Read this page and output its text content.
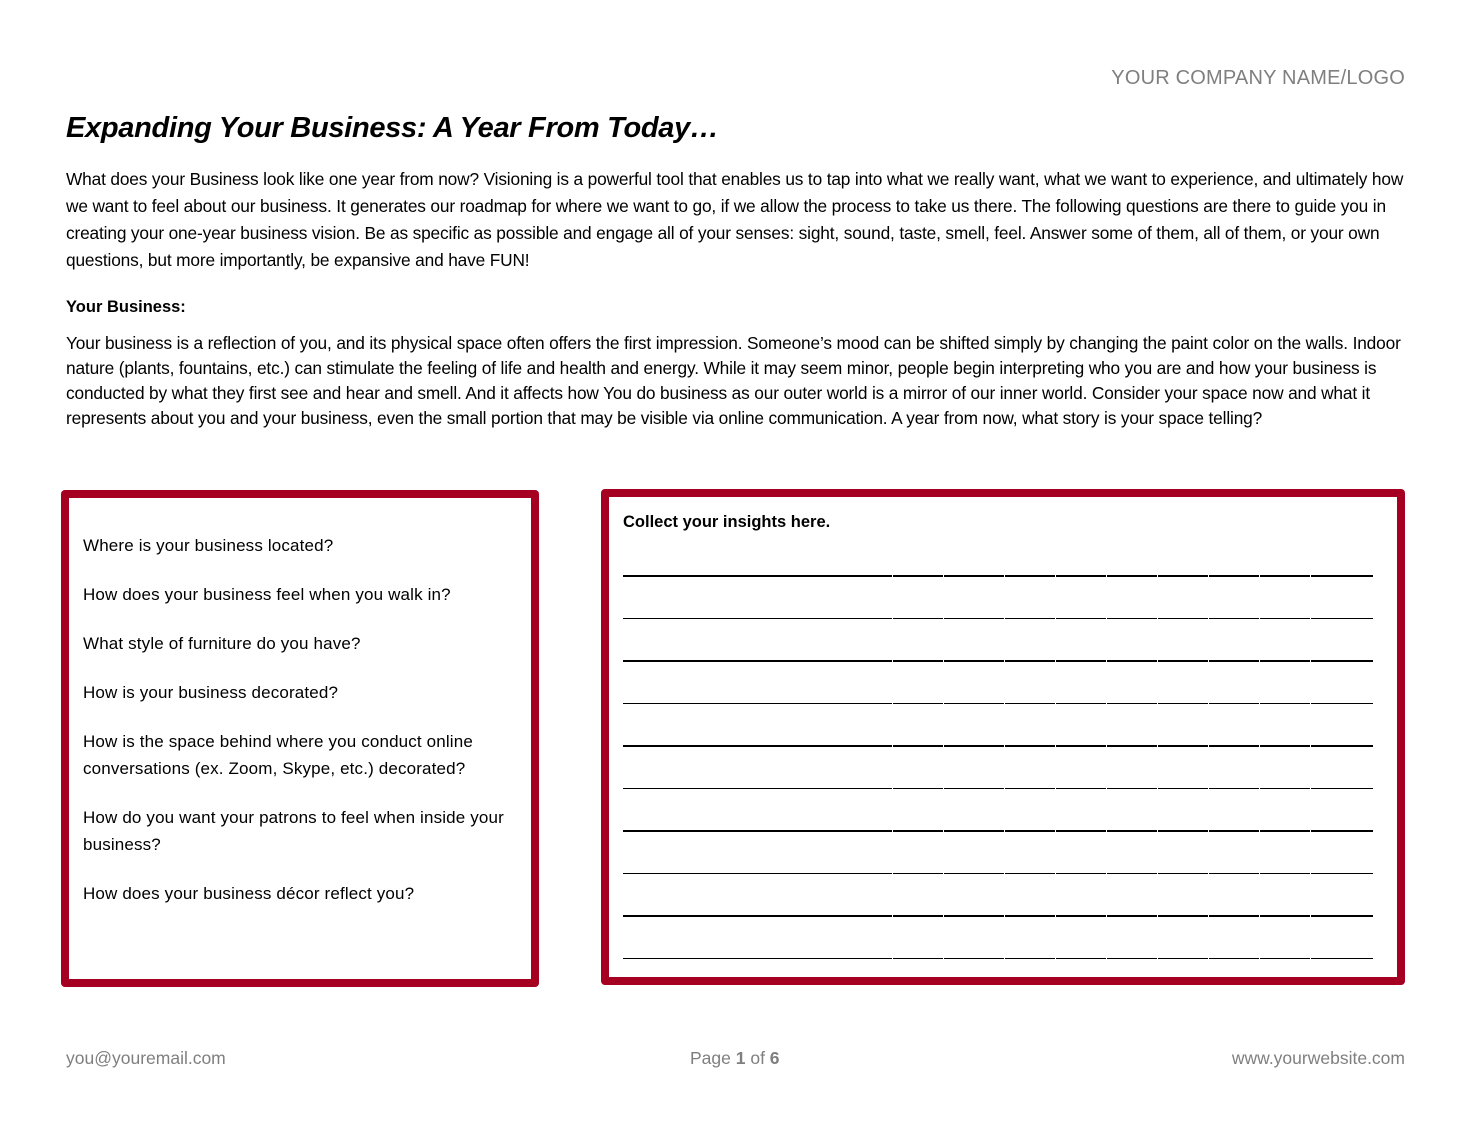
YOUR COMPANY NAME/LOGO
Expanding Your Business: A Year From Today…
What does your Business look like one year from now? Visioning is a powerful tool that enables us to tap into what we really want, what we want to experience, and ultimately how we want to feel about our business. It generates our roadmap for where we want to go, if we allow the process to take us there. The following questions are there to guide you in creating your one-year business vision. Be as specific as possible and engage all of your senses: sight, sound, taste, smell, feel. Answer some of them, all of them, or your own questions, but more importantly, be expansive and have FUN!
Your Business:
Your business is a reflection of you, and its physical space often offers the first impression. Someone’s mood can be shifted simply by changing the paint color on the walls. Indoor nature (plants, fountains, etc.) can stimulate the feeling of life and health and energy. While it may seem minor, people begin interpreting who you are and how your business is conducted by what they first see and hear and smell. And it affects how You do business as our outer world is a mirror of our inner world. Consider your space now and what it represents about you and your business, even the small portion that may be visible via online communication. A year from now, what story is your space telling?
Where is your business located?
How does your business feel when you walk in?
What style of furniture do you have?
How is your business decorated?
How is the space behind where you conduct online conversations (ex. Zoom, Skype, etc.) decorated?
How do you want your patrons to feel when inside your business?
How does your business décor reflect you?
Collect your insights here.
you@youremail.com	Page 1 of 6	www.yourwebsite.com
